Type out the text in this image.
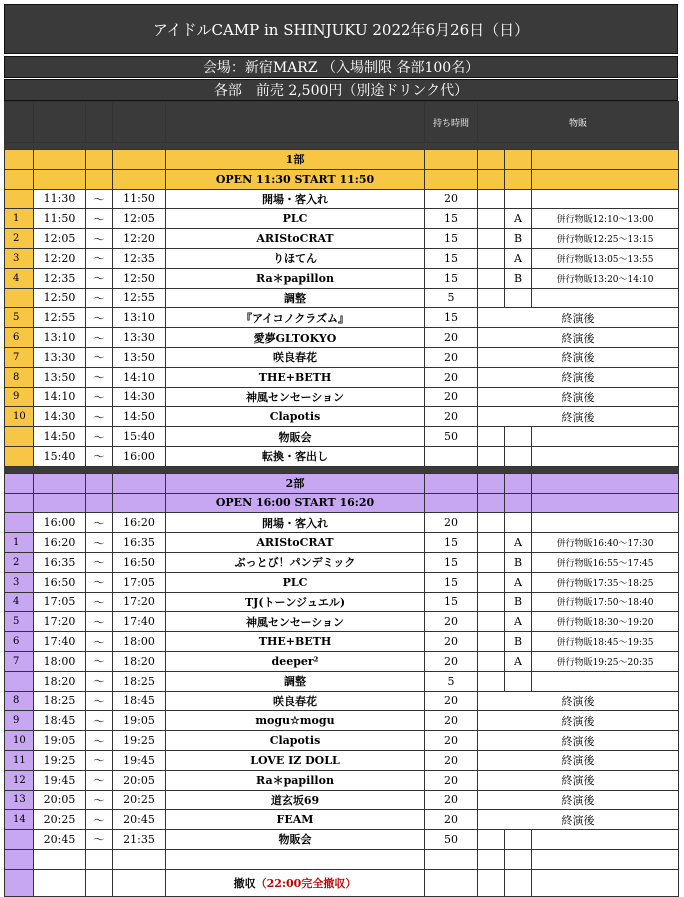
アイドルCAMP in SHINJUKU 2022年6月26日（日）
会場：新宿MARZ （入場制限 各部100名）
各部　前売 2,500円（別途ドリンク代）
					持ち時間	物販		

				1部				
				OPEN 11:30 START 11:50				
	11:30	〜	11:50	開場・客入れ	20			
1	11:50	〜	12:05	PLC	15		A	併行物販12:10〜13:00
2	12:05	〜	12:20	ARIStoCRAT	15		B	併行物販12:25〜13:15
3	12:20	〜	12:35	りほてん	15		A	併行物販13:05〜13:55
4	12:35	〜	12:50	Ra＊papillon	15		B	併行物販13:20〜14:10
	12:50	〜	12:55	調整	5			
5	12:55	〜	13:10	『アイコノクラズム』	15	終演後		
6	13:10	〜	13:30	愛夢GLTOKYO	20	終演後		
7	13:30	〜	13:50	咲良春花	20	終演後		
8	13:50	〜	14:10	THE+BETH	20	終演後		
9	14:10	〜	14:30	神風センセーション	20	終演後		
10	14:30	〜	14:50	Clapotis	20	終演後		
	14:50	〜	15:40	物販会	50			
	15:40	〜	16:00	転換・客出し				

				2部				
				OPEN 16:00 START 16:20				
	16:00	〜	16:20	開場・客入れ	20			
1	16:20	〜	16:35	ARIStoCRAT	15		A	併行物販16:40〜17:30
2	16:35	〜	16:50	ぶっとび！パンデミック	15		B	併行物販16:55〜17:45
3	16:50	〜	17:05	PLC	15		A	併行物販17:35〜18:25
4	17:05	〜	17:20	TJ(トーンジュエル)	15		B	併行物販17:50〜18:40
5	17:20	〜	17:40	神風センセーション	20		A	併行物販18:30〜19:20
6	17:40	〜	18:00	THE+BETH	20		B	併行物販18:45〜19:35
7	18:00	〜	18:20	deeper²	20		A	併行物販19:25〜20:35
	18:20	〜	18:25	調整	5			
8	18:25	〜	18:45	咲良春花	20	終演後		
9	18:45	〜	19:05	mogu☆mogu	20	終演後		
10	19:05	〜	19:25	Clapotis	20	終演後		
11	19:25	〜	19:45	LOVE IZ DOLL	20	終演後		
12	19:45	〜	20:05	Ra＊papillon	20	終演後		
13	20:05	〜	20:25	道玄坂69	20	終演後		
14	20:25	〜	20:45	FEAM	20	終演後		
	20:45	〜	21:35	物販会	50			

				撤収（22:00完全撤収）				
